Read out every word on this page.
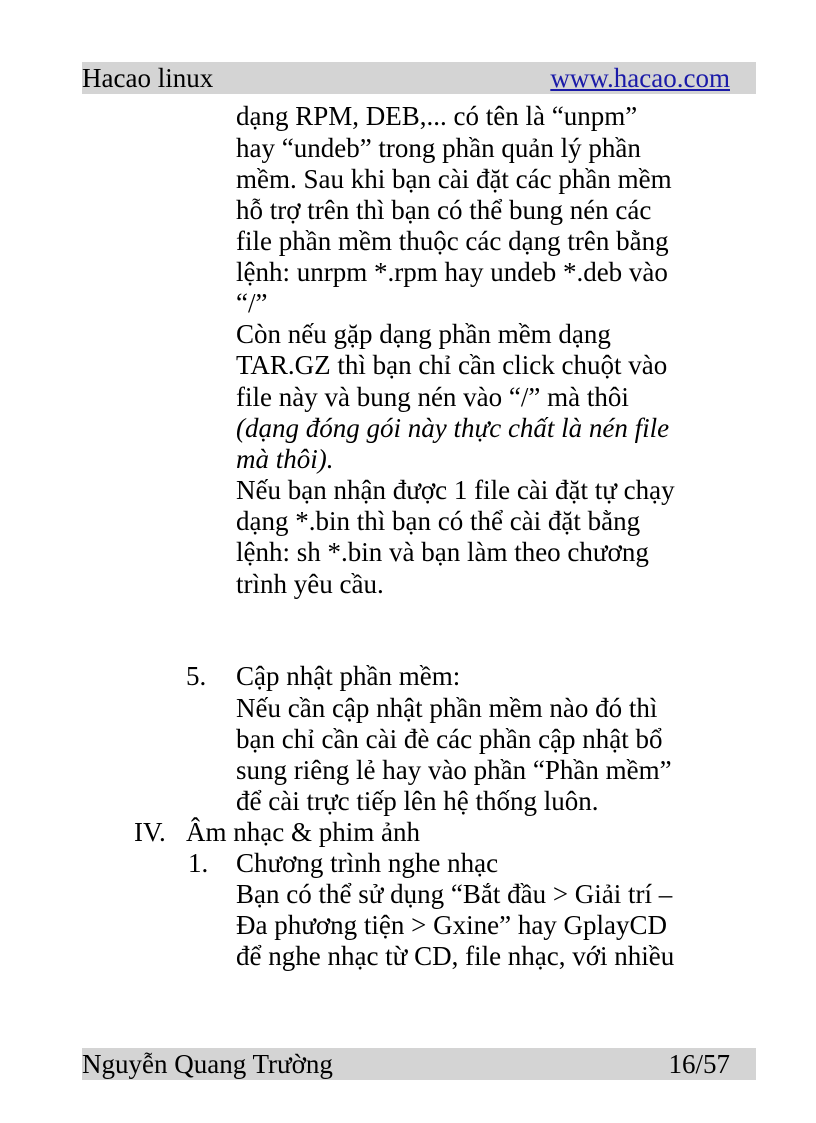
Hacao linux	www.hacao.com
dạng RPM, DEB,... có tên là “unpm”
hay “undeb” trong phần quản lý phần
mềm. Sau khi bạn cài đặt các phần mềm
hỗ trợ trên thì bạn có thể bung nén các
file phần mềm thuộc các dạng trên bằng
lệnh: unrpm *.rpm hay undeb *.deb vào
“/”
Còn nếu gặp dạng phần mềm dạng
TAR.GZ thì bạn chỉ cần click chuột vào
file này và bung nén vào “/” mà thôi
(dạng đóng gói này thực chất là nén file
mà thôi).
Nếu bạn nhận được 1 file cài đặt tự chạy
dạng *.bin thì bạn có thể cài đặt bằng
lệnh: sh *.bin và bạn làm theo chương
trình yêu cầu.
5. Cập nhật phần mềm:
Nếu cần cập nhật phần mềm nào đó thì
bạn chỉ cần cài đè các phần cập nhật bổ
sung riêng lẻ hay vào phần “Phần mềm”
để cài trực tiếp lên hệ thống luôn.
IV. Âm nhạc & phim ảnh
1. Chương trình nghe nhạc
Bạn có thể sử dụng “Bắt đầu > Giải trí –
Đa phương tiện > Gxine” hay GplayCD
để nghe nhạc từ CD, file nhạc, với nhiều
Nguyễn Quang Trường	16/57
